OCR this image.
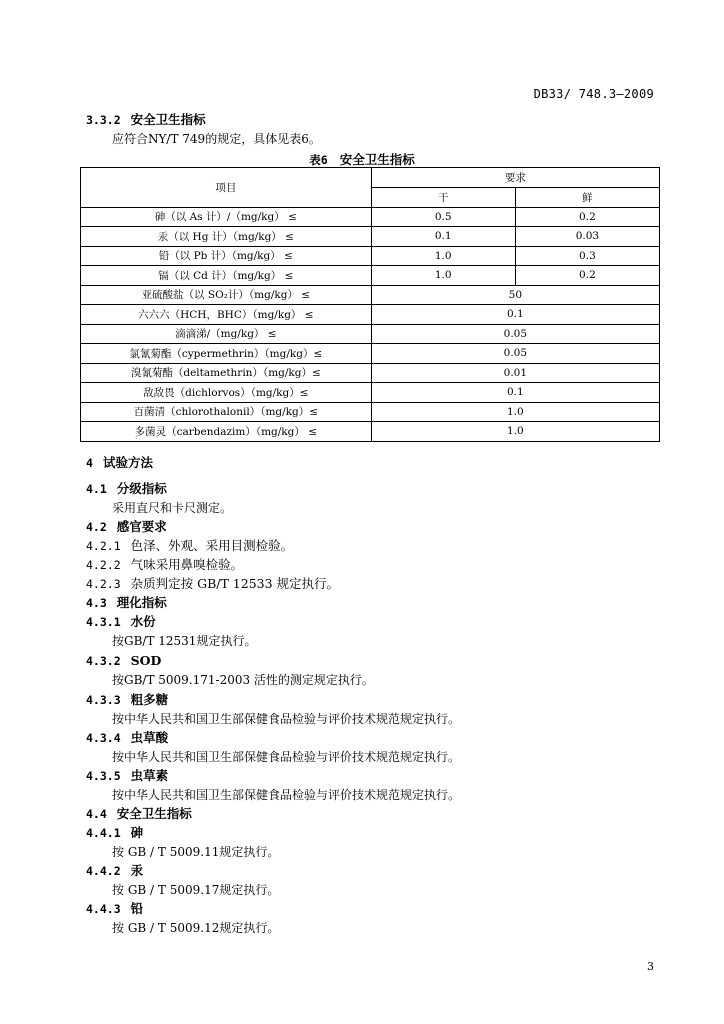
DB33/ 748.3—2009
3.3.2 安全卫生指标
应符合NY/T 749的规定，具体见表6。
表6 安全卫生指标
项目	要求	
	干	鲜
砷（以 As 计）/（mg/kg） ≤	0.5	0.2
汞（以 Hg 计）（mg/kg） ≤	0.1	0.03
铅（以 Pb 计）（mg/kg） ≤	1.0	0.3
镉（以 Cd 计）（mg/kg） ≤	1.0	0.2
亚硫酸盐（以 SO₂计）（mg/kg） ≤	50	
六六六（HCH，BHC）（mg/kg） ≤	0.1	
滴滴涕/（mg/kg） ≤	0.05	
氯氰菊酯（cypermethrin）（mg/kg）≤	0.05	
溴氰菊酯（deltamethrin）（mg/kg）≤	0.01	
敌敌畏（dichlorvos）（mg/kg）≤	0.1	
百菌清（chlorothalonil）（mg/kg）≤	1.0	
多菌灵（carbendazim）（mg/kg） ≤	1.0	
4 试验方法
4.1 分级指标
采用直尺和卡尺测定。
4.2 感官要求
4.2.1 色泽、外观、采用目测检验。
4.2.2 气味采用鼻嗅检验。
4.2.3 杂质判定按 GB/T 12533 规定执行。
4.3 理化指标
4.3.1 水份
按GB/T 12531规定执行。
4.3.2 SOD
按GB/T 5009.171-2003 活性的测定规定执行。
4.3.3 粗多糖
按中华人民共和国卫生部保健食品检验与评价技术规范规定执行。
4.3.4 虫草酸
按中华人民共和国卫生部保健食品检验与评价技术规范规定执行。
4.3.5 虫草素
按中华人民共和国卫生部保健食品检验与评价技术规范规定执行。
4.4 安全卫生指标
4.4.1 砷
按 GB / T 5009.11规定执行。
4.4.2 汞
按 GB / T 5009.17规定执行。
4.4.3 铅
按 GB / T 5009.12规定执行。
3
